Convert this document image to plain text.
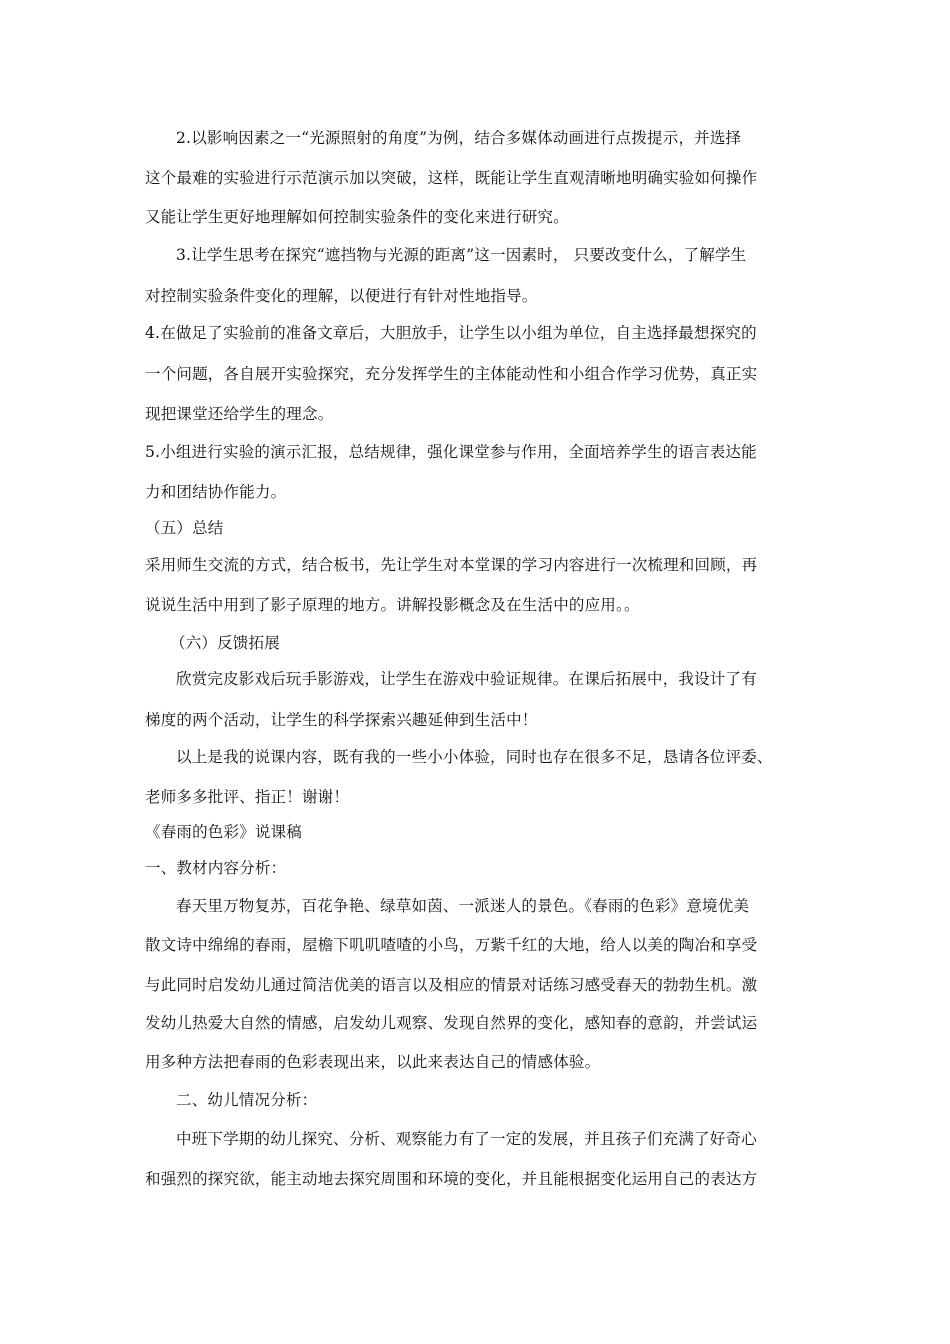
2.以影响因素之一“光源照射的角度”为例，结合多媒体动画进行点拨提示，并选择
这个最难的实验进行示范演示加以突破，这样，既能让学生直观清晰地明确实验如何操作
又能让学生更好地理解如何控制实验条件的变化来进行研究。
3.让学生思考在探究“遮挡物与光源的距离”这一因素时， 只要改变什么，了解学生
对控制实验条件变化的理解，以便进行有针对性地指导。
4.在做足了实验前的准备文章后，大胆放手，让学生以小组为单位，自主选择最想探究的
一个问题，各自展开实验探究，充分发挥学生的主体能动性和小组合作学习优势，真正实
现把课堂还给学生的理念。
5.小组进行实验的演示汇报，总结规律，强化课堂参与作用，全面培养学生的语言表达能
力和团结协作能力。
（五）总结
采用师生交流的方式，结合板书，先让学生对本堂课的学习内容进行一次梳理和回顾，再
说说生活中用到了影子原理的地方。讲解投影概念及在生活中的应用。。
（六）反馈拓展
欣赏完皮影戏后玩手影游戏，让学生在游戏中验证规律。在课后拓展中，我设计了有
梯度的两个活动，让学生的科学探索兴趣延伸到生活中！
以上是我的说课内容，既有我的一些小小体验，同时也存在很多不足，恳请各位评委、
老师多多批评、指正！谢谢！
《春雨的色彩》说课稿
一、教材内容分析：
春天里万物复苏，百花争艳、绿草如茵、一派迷人的景色。《春雨的色彩》意境优美
散文诗中绵绵的春雨，屋檐下叽叽喳喳的小鸟，万紫千红的大地，给人以美的陶冶和享受
与此同时启发幼儿通过简洁优美的语言以及相应的情景对话练习感受春天的勃勃生机。激
发幼儿热爱大自然的情感，启发幼儿观察、发现自然界的变化，感知春的意韵，并尝试运
用多种方法把春雨的色彩表现出来，以此来表达自己的情感体验。
二、幼儿情况分析：
中班下学期的幼儿探究、分析、观察能力有了一定的发展，并且孩子们充满了好奇心
和强烈的探究欲，能主动地去探究周围和环境的变化，并且能根据变化运用自己的表达方
